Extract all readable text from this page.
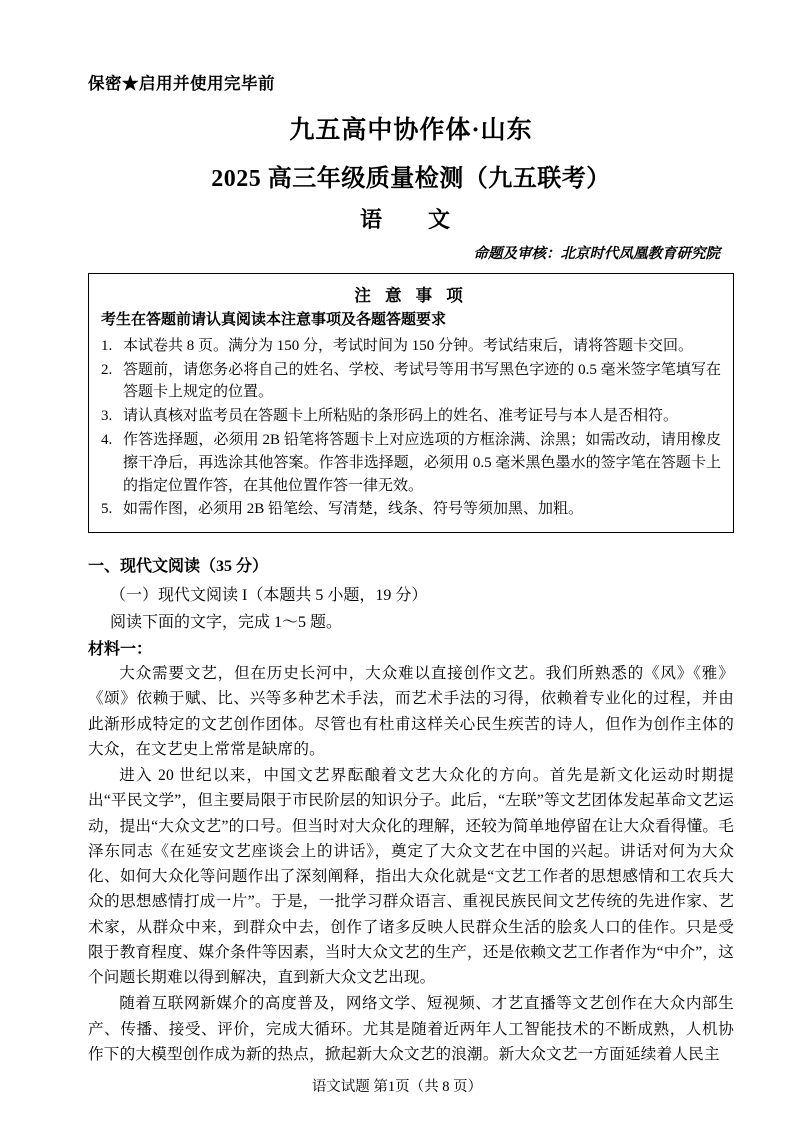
保密★启用并使用完毕前
九五高中协作体·山东
2025 高三年级质量检测（九五联考）
语　文
命题及审核：北京时代凤凰教育研究院
注 意 事 项
考生在答题前请认真阅读本注意事项及各题答题要求
1. 本试卷共 8 页。满分为 150 分，考试时间为 150 分钟。考试结束后，请将答题卡交回。
2. 答题前，请您务必将自己的姓名、学校、考试号等用书写黑色字迹的 0.5 毫米签字笔填写在答题卡上规定的位置。
3. 请认真核对监考员在答题卡上所粘贴的条形码上的姓名、准考证号与本人是否相符。
4. 作答选择题，必须用 2B 铅笔将答题卡上对应选项的方框涂满、涂黑；如需改动，请用橡皮擦干净后，再选涂其他答案。作答非选择题，必须用 0.5 毫米黑色墨水的签字笔在答题卡上的指定位置作答，在其他位置作答一律无效。
5. 如需作图，必须用 2B 铅笔绘、写清楚，线条、符号等须加黑、加粗。
一、现代文阅读（35 分）
（一）现代文阅读 I（本题共 5 小题，19 分）
阅读下面的文字，完成 1～5 题。
材料一：

大众需要文艺，但在历史长河中，大众难以直接创作文艺。我们所熟悉的《风》《雅》《颂》依赖于赋、比、兴等多种艺术手法，而艺术手法的习得，依赖着专业化的过程，并由此渐形成特定的文艺创作团体。尽管也有杜甫这样关心民生疾苦的诗人，但作为创作主体的大众，在文艺史上常常是缺席的。

进入 20 世纪以来，中国文艺界酝酿着文艺大众化的方向。首先是新文化运动时期提出“平民文学”，但主要局限于市民阶层的知识分子。此后，“左联”等文艺团体发起革命文艺运动，提出“大众文艺”的口号。但当时对大众化的理解，还较为简单地停留在让大众看得懂。毛泽东同志《在延安文艺座谈会上的讲话》，奠定了大众文艺在中国的兴起。讲话对何为大众化、如何大众化等问题作出了深刻阐释，指出大众化就是“文艺工作者的思想感情和工农兵大众的思想感情打成一片”。于是，一批学习群众语言、重视民族民间文艺传统的先进作家、艺术家，从群众中来，到群众中去，创作了诸多反映人民群众生活的脍炙人口的佳作。只是受限于教育程度、媒介条件等因素，当时大众文艺的生产，还是依赖文艺工作者作为“中介”，这个问题长期难以得到解决，直到新大众文艺出现。

随着互联网新媒介的高度普及，网络文学、短视频、才艺直播等文艺创作在大众内部生产、传播、接受、评价，完成大循环。尤其是随着近两年人工智能技术的不断成熟，人机协作下的大模型创作成为新的热点，掀起新大众文艺的浪潮。新大众文艺一方面延续着人民主

语文试题 第1页（共 8 页）
